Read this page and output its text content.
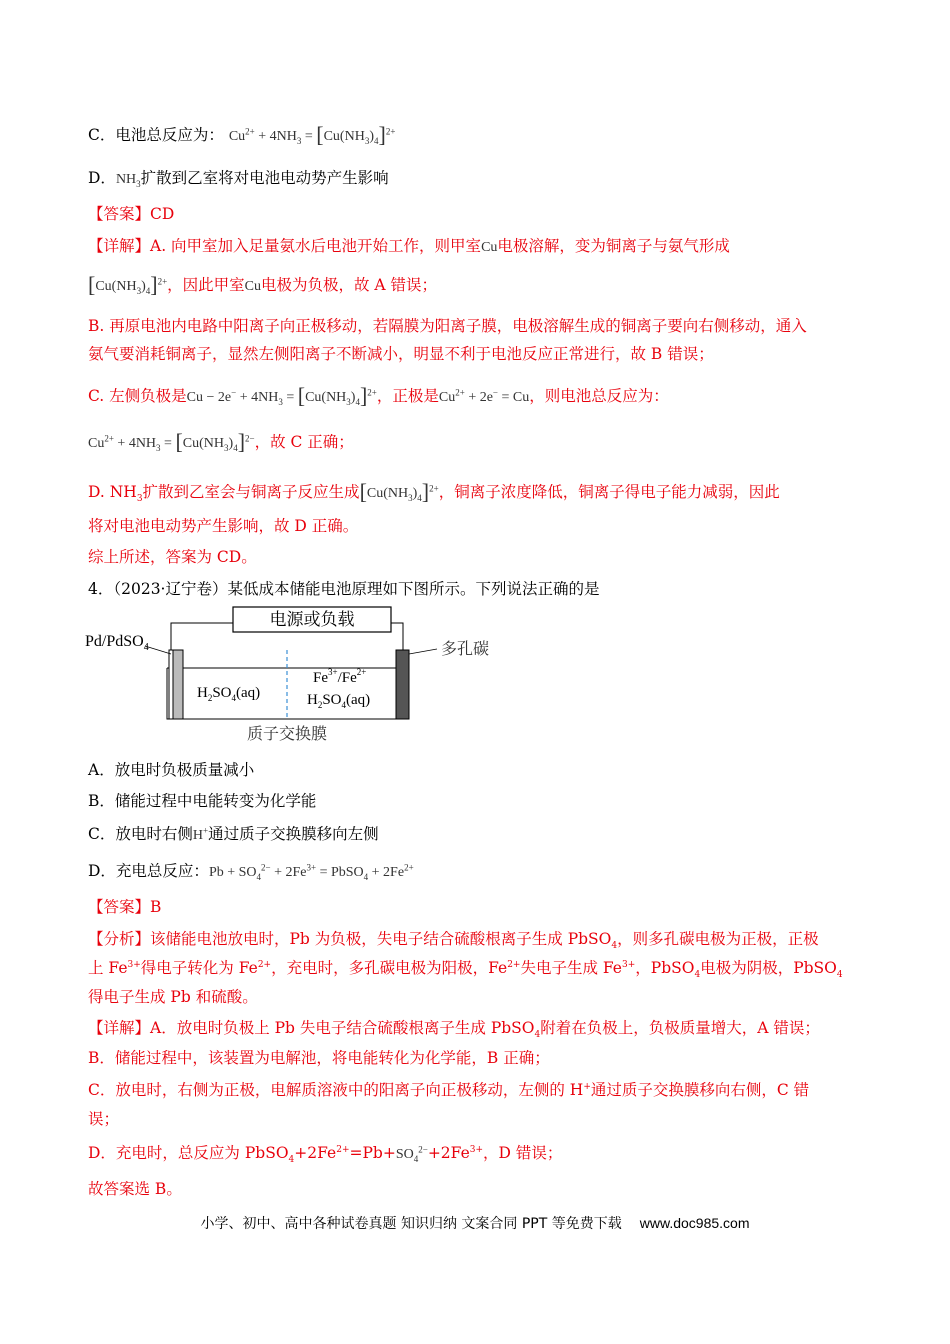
C．电池总反应为： $Cu^{2+} + 4NH_3 = [Cu(NH_3)_4]^{2+}$
D．$NH_3$扩散到乙室将对电池电动势产生影响
【答案】CD
【详解】A. 向甲室加入足量氨水后电池开始工作，则甲室Cu电极溶解，变为铜离子与氨气形成
$[Cu(NH_3)_4]^{2+}$，因此甲室Cu电极为负极，故 A 错误；
B. 再原电池内电路中阳离子向正极移动，若隔膜为阳离子膜，电极溶解生成的铜离子要向右侧移动，通入
氨气要消耗铜离子，显然左侧阳离子不断减小，明显不利于电池反应正常进行，故 B 错误；
C. 左侧负极是$Cu - 2e^- + 4NH_3 = [Cu(NH_3)_4]^{2+}$，正极是$Cu^{2+} + 2e^- = Cu$，则电池总反应为：
$Cu^{2+} + 4NH_3 = [Cu(NH_3)_4]^{2-}$，故 C 正确；
D. $NH_3$扩散到乙室会与铜离子反应生成$[Cu(NH_3)_4]^{2+}$，铜离子浓度降低，铜离子得电子能力减弱，因此
将对电池电动势产生影响，故 D 正确。
综上所述，答案为 CD。
4．（2023·辽宁卷）某低成本储能电池原理如下图所示。下列说法正确的是
电源或负载
Pd/PdSO$_4$	多孔碳
$H_2SO_4(aq)$
$Fe^{3+}/Fe^{2+}$
$H_2SO_4(aq)$
质子交换膜
A．放电时负极质量减小
B．储能过程中电能转变为化学能
C．放电时右侧H+通过质子交换膜移向左侧
D．充电总反应：$Pb + SO_4^{2-} + 2Fe^{3+}$ = PbSO$_4$ + $2Fe^{2+}$
【答案】B
【分析】该储能电池放电时，Pb 为负极，失电子结合硫酸根离子生成 PbSO$_4$，则多孔碳电极为正极，正极
上 $Fe^{3+}$得电子转化为 $Fe^{2+}$，充电时，多孔碳电极为阳极，$Fe^{2+}$失电子生成 $Fe^{3+}$，PbSO$_4$电极为阴极，PbSO$_4$
得电子生成 Pb 和硫酸。
【详解】A．放电时负极上 Pb 失电子结合硫酸根离子生成 PbSO$_4$附着在负极上，负极质量增大，A 错误；
B．储能过程中，该装置为电解池，将电能转化为化学能，B 正确；
C．放电时，右侧为正极，电解质溶液中的阳离子向正极移动，左侧的 H+通过质子交换膜移向右侧，C 错
误；
D．充电时，总反应为 $PbSO_4+2Fe^{2+}=Pb+SO_4^{2-}+2Fe^{3+}$，D 错误；
故答案选 B。
小学、初中、高中各种试卷真题 知识归纳 文案合同 PPT 等免费下载 www.doc985.com
